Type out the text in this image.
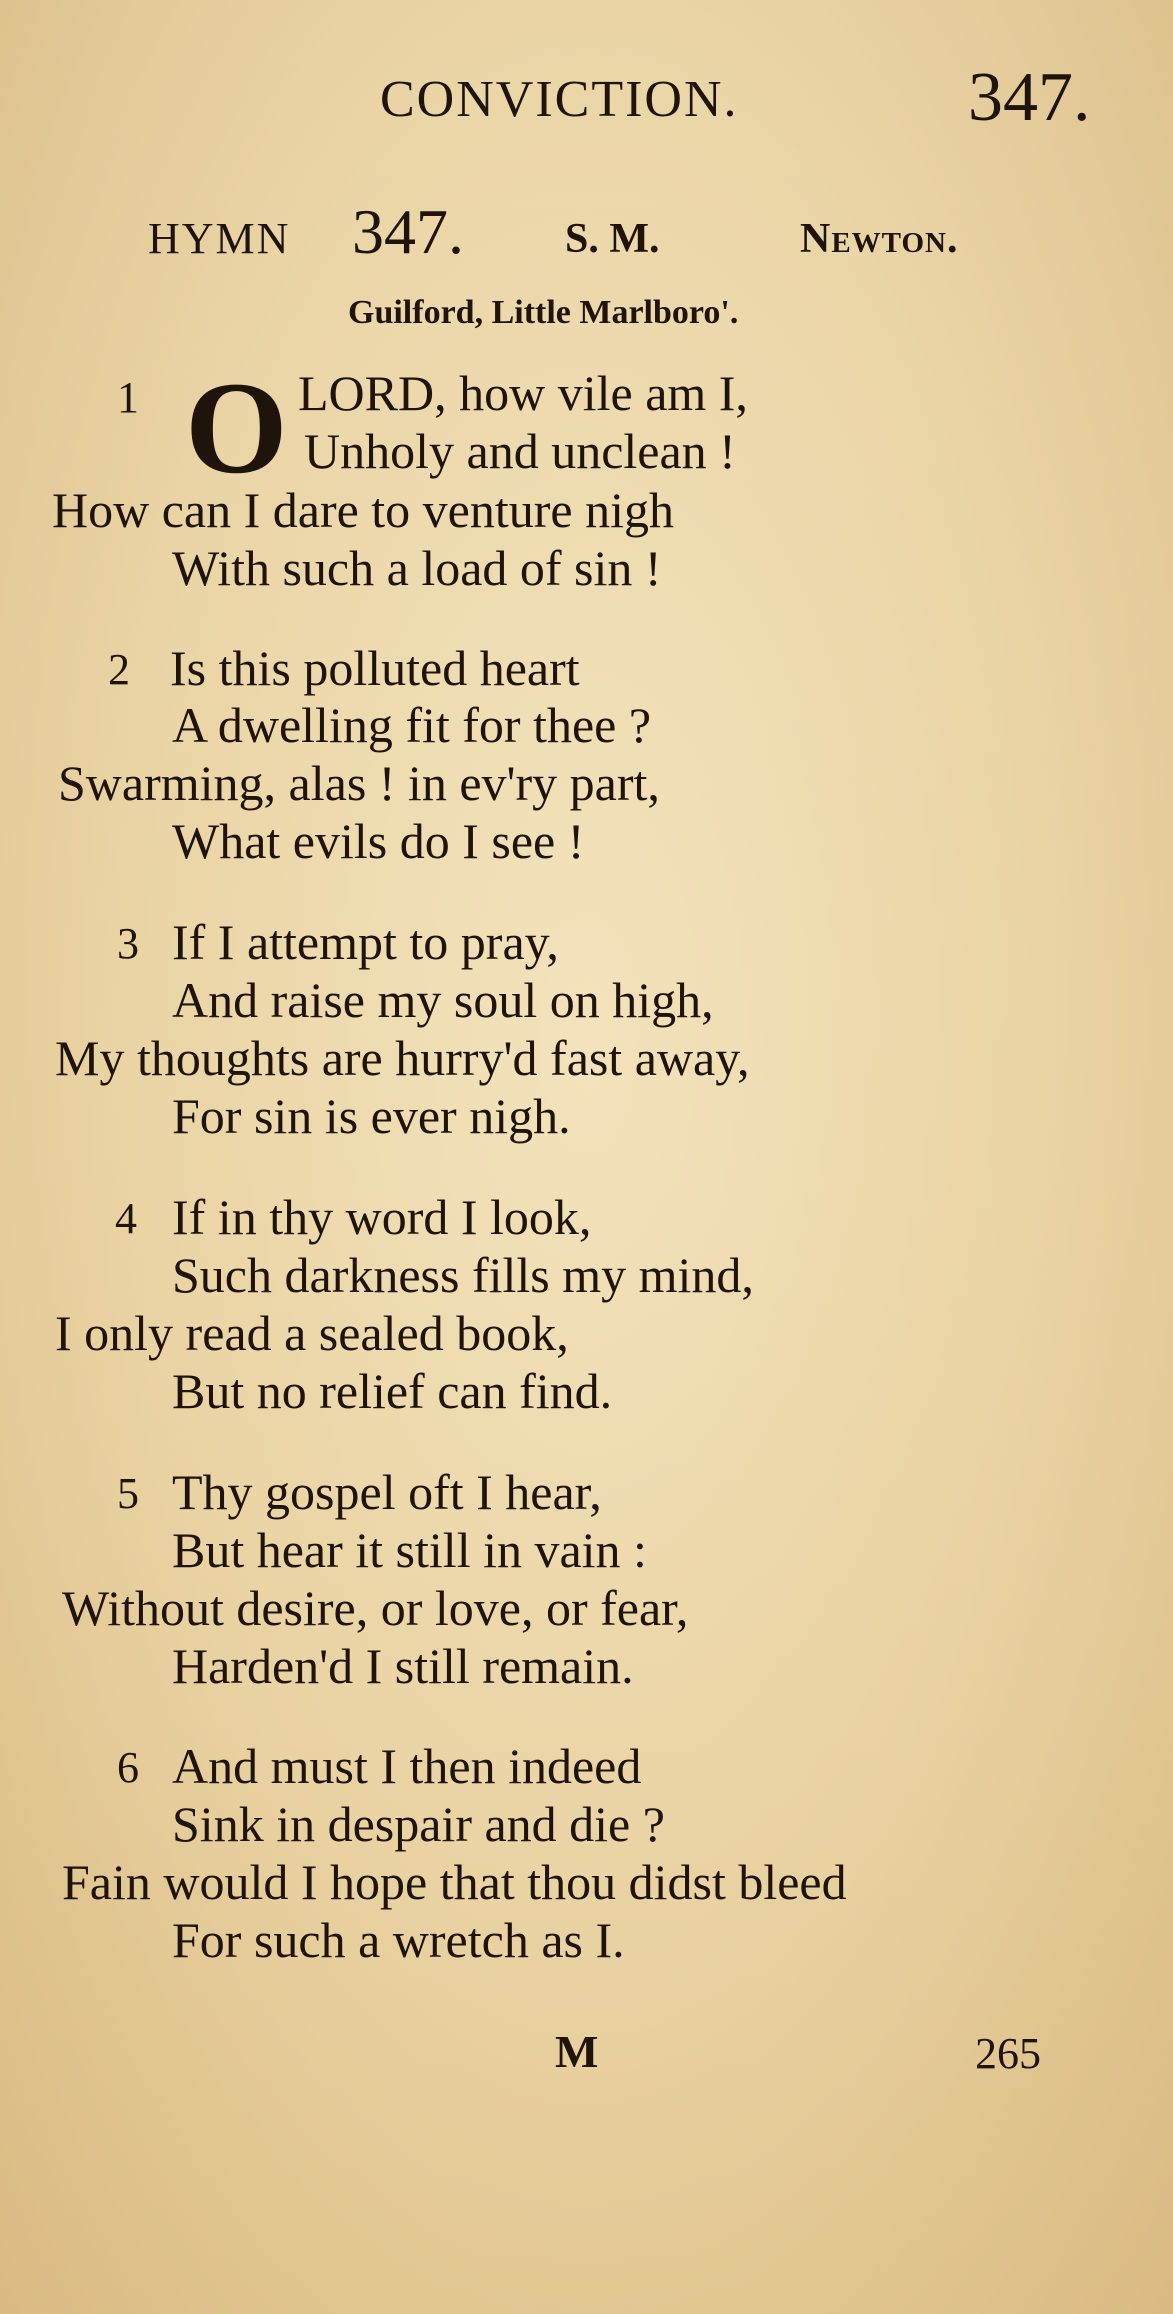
CONVICTION.	347.
HYMN 347. S. M.	Newton.
Guilford, Little Marlboro'.
1 O LORD, how vile am I,
Unholy and unclean !
How can I dare to venture nigh
With such a load of sin !
2 Is this polluted heart
A dwelling fit for thee ?
Swarming, alas ! in ev'ry part,
What evils do I see !
3 If I attempt to pray,
And raise my soul on high,
My thoughts are hurry'd fast away,
For sin is ever nigh.
4 If in thy word I look,
Such darkness fills my mind,
I only read a sealed book,
But no relief can find.
5 Thy gospel oft I hear,
But hear it still in vain :
Without desire, or love, or fear,
Harden'd I still remain.
6 And must I then indeed
Sink in despair and die ?
Fain would I hope that thou didst bleed
For such a wretch as I.
M	265
